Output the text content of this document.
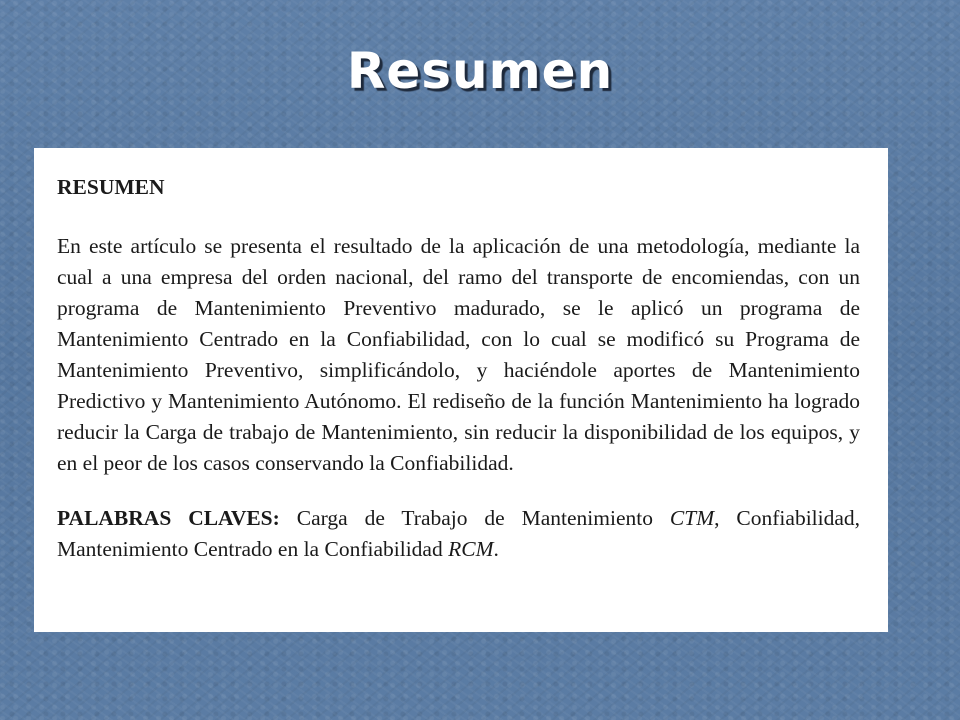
Resumen
RESUMEN

En este artículo se presenta el resultado de la aplicación de una metodología, mediante la cual a una empresa del orden nacional, del ramo del transporte de encomiendas, con un programa de Mantenimiento Preventivo madurado, se le aplicó un programa de Mantenimiento Centrado en la Confiabilidad, con lo cual se modificó su Programa de Mantenimiento Preventivo, simplificándolo, y haciéndole aportes de Mantenimiento Predictivo y Mantenimiento Autónomo. El rediseño de la función Mantenimiento ha logrado reducir la Carga de trabajo de Mantenimiento, sin reducir la disponibilidad de los equipos, y en el peor de los casos conservando la Confiabilidad.

PALABRAS CLAVES: Carga de Trabajo de Mantenimiento CTM, Confiabilidad, Mantenimiento Centrado en la Confiabilidad RCM.
